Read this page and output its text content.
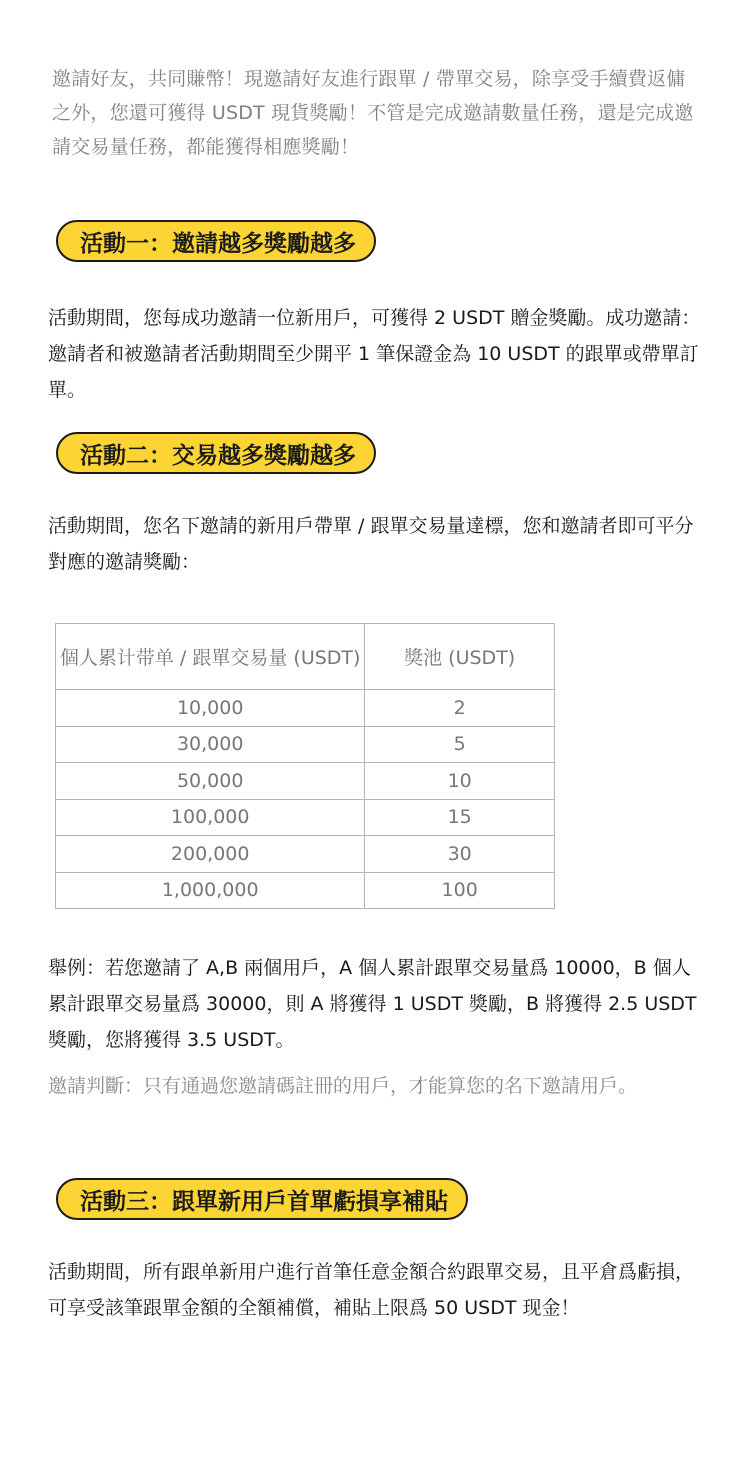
邀請好友，共同賺幣！現邀請好友進行跟單 / 帶單交易，除享受手續費返傭之外，您還可獲得 USDT 現貨獎勵！不管是完成邀請數量任務，還是完成邀請交易量任務，都能獲得相應獎勵！

活動一：邀請越多獎勵越多

活動期間，您每成功邀請一位新用戶，可獲得 2 USDT 贈金獎勵。成功邀請：邀請者和被邀請者活動期間至少開平 1 筆保證金為 10 USDT 的跟單或帶單訂單。

活動二：交易越多獎勵越多

活動期間，您名下邀請的新用戶帶單 / 跟單交易量達標，您和邀請者即可平分對應的邀請獎勵：

個人累计带单 / 跟單交易量 (USDT)	獎池 (USDT)
10,000	2
30,000	5
50,000	10
100,000	15
200,000	30
1,000,000	100

舉例：若您邀請了 A,B 兩個用戶，A 個人累計跟單交易量爲 10000，B 個人累計跟單交易量爲 30000，則 A 將獲得 1 USDT 獎勵，B 將獲得 2.5 USDT 獎勵，您將獲得 3.5 USDT。

邀請判斷：只有通過您邀請碼註冊的用戶，才能算您的名下邀請用戶。

活動三：跟單新用戶首單虧損享補貼

活動期間，所有跟单新用户進行首筆任意金額合約跟單交易，且平倉爲虧損，可享受該筆跟單金額的全額補償，補貼上限爲 50 USDT 现金！
